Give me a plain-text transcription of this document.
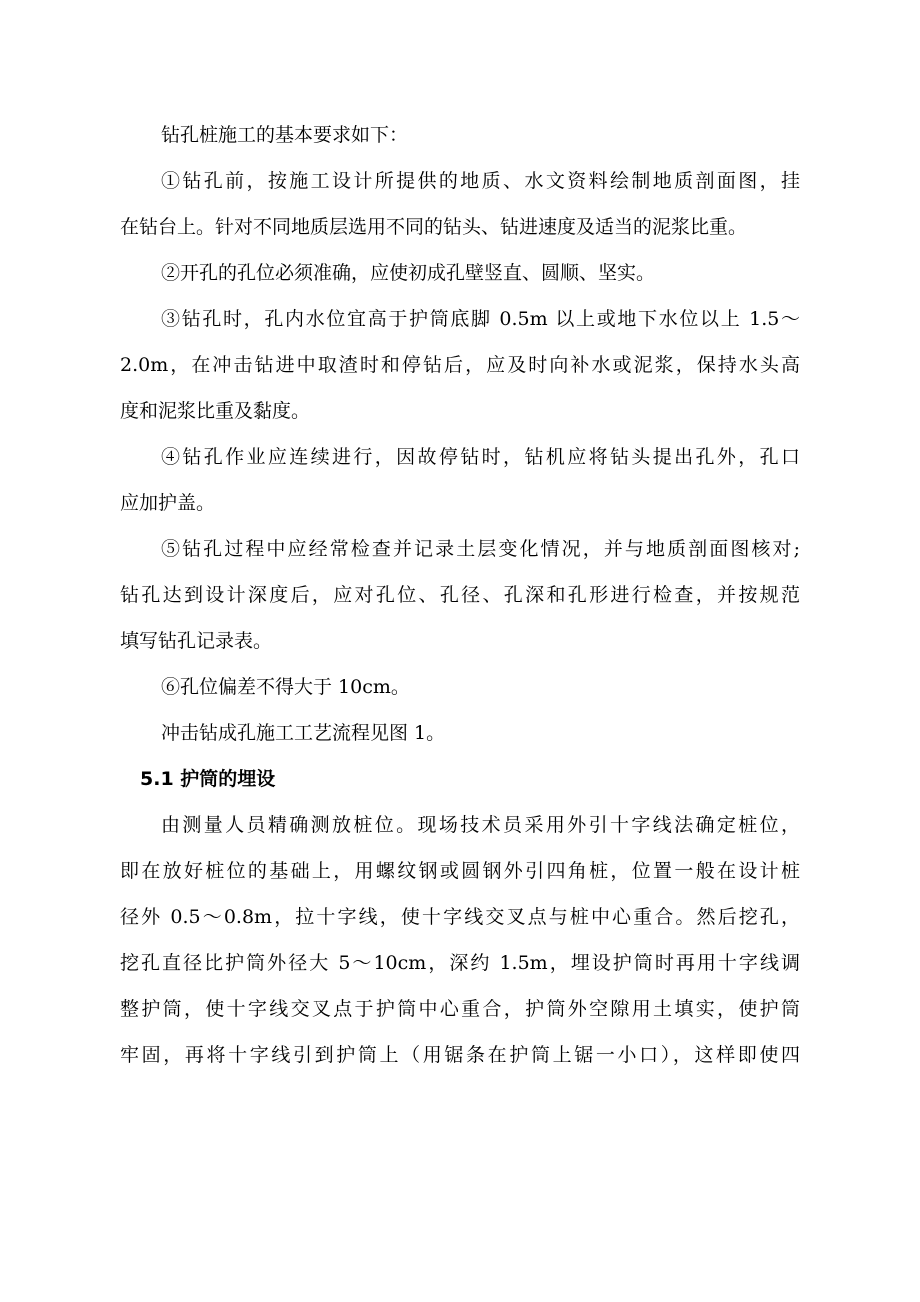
钻孔桩施工的基本要求如下：

①钻孔前，按施工设计所提供的地质、水文资料绘制地质剖面图，挂
在钻台上。针对不同地质层选用不同的钻头、钻进速度及适当的泥浆比重。

②开孔的孔位必须准确，应使初成孔壁竖直、圆顺、坚实。

③钻孔时，孔内水位宜高于护筒底脚 0.5m 以上或地下水位以上 1.5～
2.0m，在冲击钻进中取渣时和停钻后，应及时向补水或泥浆，保持水头高
度和泥浆比重及黏度。

④钻孔作业应连续进行，因故停钻时，钻机应将钻头提出孔外，孔口
应加护盖。

⑤钻孔过程中应经常检查并记录土层变化情况，并与地质剖面图核对;
钻孔达到设计深度后，应对孔位、孔径、孔深和孔形进行检查，并按规范
填写钻孔记录表。

⑥孔位偏差不得大于 10cm。

冲击钻成孔施工工艺流程见图 1。

5.1 护筒的埋设

由测量人员精确测放桩位。现场技术员采用外引十字线法确定桩位，
即在放好桩位的基础上，用螺纹钢或圆钢外引四角桩，位置一般在设计桩
径外 0.5～0.8m，拉十字线，使十字线交叉点与桩中心重合。然后挖孔，
挖孔直径比护筒外径大 5～10cm，深约 1.5m，埋设护筒时再用十字线调
整护筒，使十字线交叉点于护筒中心重合，护筒外空隙用土填实，使护筒
牢固，再将十字线引到护筒上（用锯条在护筒上锯一小口），这样即使四
